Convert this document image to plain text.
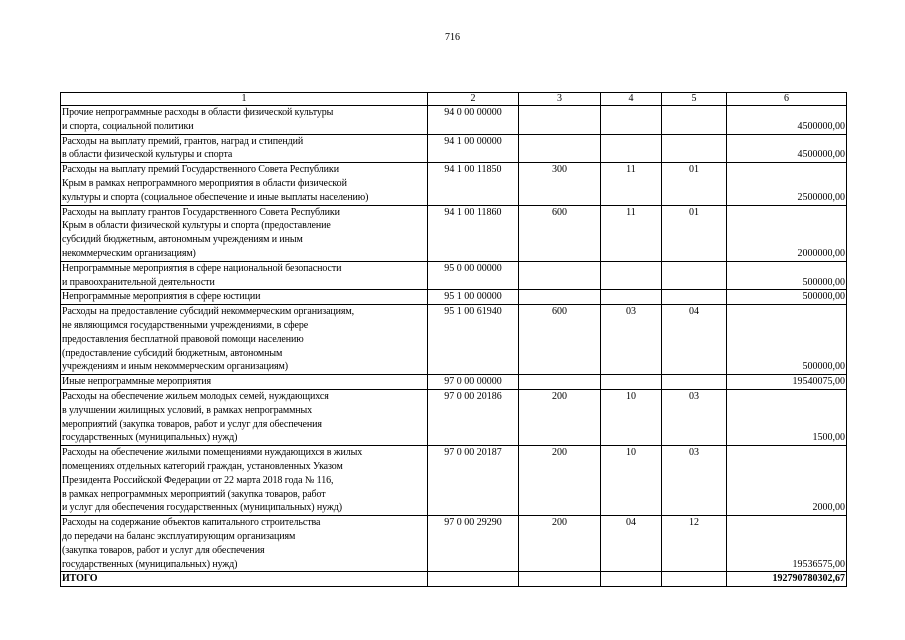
716
1	2	3	4	5	6

Прочие непрограммные расходы в области физической культуры
и спорта, социальной политики	94 0 00 00000				4500000,00

Расходы на выплату премий, грантов, наград и стипендий
в области физической культуры и спорта	94 1 00 00000				4500000,00

Расходы на выплату премий Государственного Совета Республики
Крым в рамках непрограммного мероприятия в области физической
культуры и спорта (социальное обеспечение и иные выплаты населению)	94 1 00 11850	300	11	01	2500000,00

Расходы на выплату грантов Государственного Совета Республики
Крым в области физической культуры и спорта (предоставление
субсидий бюджетным, автономным учреждениям и иным
некоммерческим организациям)	94 1 00 11860	600	11	01	2000000,00

Непрограммные мероприятия в сфере национальной безопасности
и правоохранительной деятельности	95 0 00 00000				500000,00

Непрограммные мероприятия в сфере юстиции	95 1 00 00000				500000,00

Расходы на предоставление субсидий некоммерческим организациям,
не являющимся государственными учреждениями, в сфере
предоставления бесплатной правовой помощи населению
(предоставление субсидий бюджетным, автономным
учреждениям и иным некоммерческим организациям)	95 1 00 61940	600	03	04	500000,00

Иные непрограммные мероприятия	97 0 00 00000				19540075,00

Расходы на обеспечение жильем молодых семей, нуждающихся
в улучшении жилищных условий, в рамках непрограммных
мероприятий (закупка товаров, работ и услуг для обеспечения
государственных (муниципальных) нужд)	97 0 00 20186	200	10	03	1500,00

Расходы на обеспечение жилыми помещениями нуждающихся в жилых
помещениях отдельных категорий граждан, установленных Указом
Президента Российской Федерации от 22 марта 2018 года № 116,
в рамках непрограммных мероприятий (закупка товаров, работ
и услуг для обеспечения государственных (муниципальных) нужд)	97 0 00 20187	200	10	03	2000,00

Расходы на содержание объектов капитального строительства
до передачи на баланс эксплуатирующим организациям
(закупка товаров, работ и услуг для обеспечения
государственных (муниципальных) нужд)	97 0 00 29290	200	04	12	19536575,00
ИТОГО					192790780302,67
